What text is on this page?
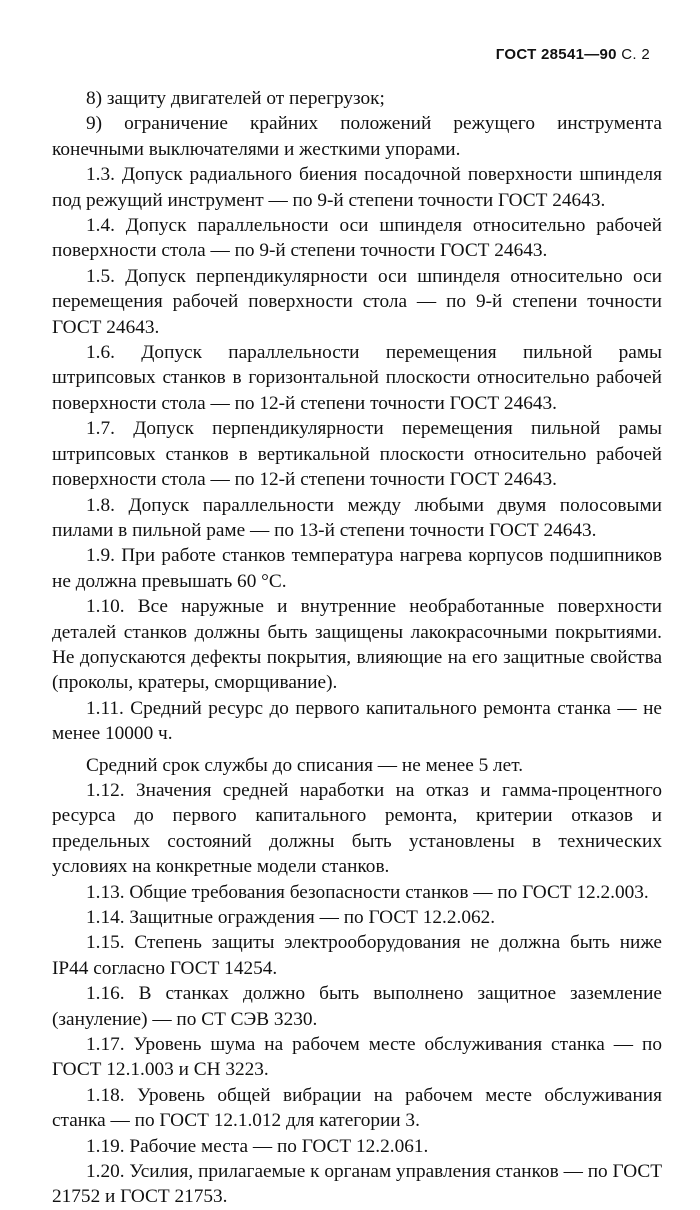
ГОСТ 28541—90 С. 2

8) защиту двигателей от перегрузок;

9) ограничение крайних положений режущего инструмента конечными выключателями и жесткими упорами.

1.3. Допуск радиального биения посадочной поверхности шпинделя под режущий инструмент — по 9-й степени точности ГОСТ 24643.

1.4. Допуск параллельности оси шпинделя относительно рабочей поверхности стола — по 9-й степени точности ГОСТ 24643.

1.5. Допуск перпендикулярности оси шпинделя относительно оси перемещения рабочей поверхности стола — по 9-й степени точности ГОСТ 24643.

1.6. Допуск параллельности перемещения пильной рамы штрипсовых станков в горизонтальной плоскости относительно рабочей поверхности стола — по 12-й степени точности ГОСТ 24643.

1.7. Допуск перпендикулярности перемещения пильной рамы штрипсовых станков в вертикальной плоскости относительно рабочей поверхности стола — по 12-й степени точности ГОСТ 24643.

1.8. Допуск параллельности между любыми двумя полосовыми пилами в пильной раме — по 13-й степени точности ГОСТ 24643.

1.9. При работе станков температура нагрева корпусов подшипников не должна превышать 60 °С.

1.10. Все наружные и внутренние необработанные поверхности деталей станков должны быть защищены лакокрасочными покрытиями. Не допускаются дефекты покрытия, влияющие на его защитные свойства (проколы, кратеры, сморщивание).

1.11. Средний ресурс до первого капитального ремонта станка — не менее 10000 ч.

Средний срок службы до списания — не менее 5 лет.

1.12. Значения средней наработки на отказ и гамма-процентного ресурса до первого капитального ремонта, критерии отказов и предельных состояний должны быть установлены в технических условиях на конкретные модели станков.

1.13. Общие требования безопасности станков — по ГОСТ 12.2.003.

1.14. Защитные ограждения — по ГОСТ 12.2.062.

1.15. Степень защиты электрооборудования не должна быть ниже IP44 согласно ГОСТ 14254.

1.16. В станках должно быть выполнено защитное заземление (зануление) — по СТ СЭВ 3230.

1.17. Уровень шума на рабочем месте обслуживания станка — по ГОСТ 12.1.003 и СН 3223.

1.18. Уровень общей вибрации на рабочем месте обслуживания станка — по ГОСТ 12.1.012 для категории 3.

1.19. Рабочие места — по ГОСТ 12.2.061.

1.20. Усилия, прилагаемые к органам управления станков — по ГОСТ 21752 и ГОСТ 21753.
